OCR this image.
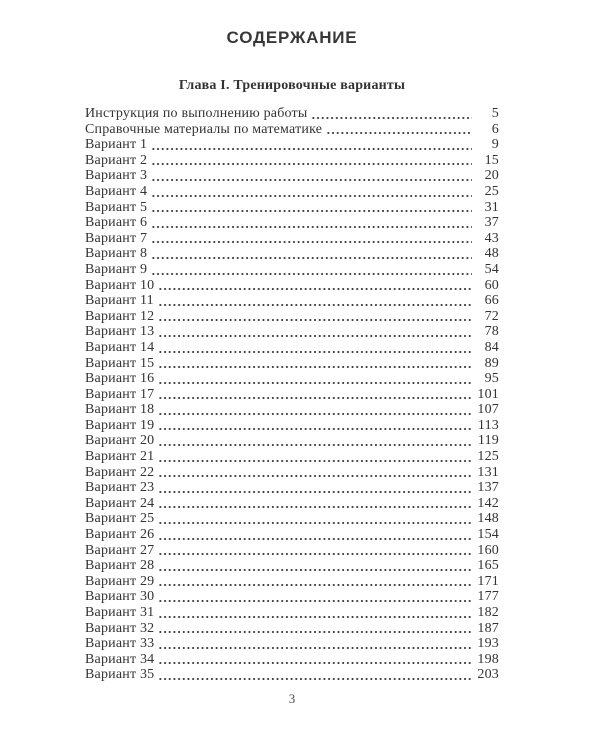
СОДЕРЖАНИЕ
Глава I. Тренировочные варианты
Инструкция по выполнению работы	5
Справочные материалы по математике	6
Вариант 1	9
Вариант 2	15
Вариант 3	20
Вариант 4	25
Вариант 5	31
Вариант 6	37
Вариант 7	43
Вариант 8	48
Вариант 9	54
Вариант 10	60
Вариант 11	66
Вариант 12	72
Вариант 13	78
Вариант 14	84
Вариант 15	89
Вариант 16	95
Вариант 17	101
Вариант 18	107
Вариант 19	113
Вариант 20	119
Вариант 21	125
Вариант 22	131
Вариант 23	137
Вариант 24	142
Вариант 25	148
Вариант 26	154
Вариант 27	160
Вариант 28	165
Вариант 29	171
Вариант 30	177
Вариант 31	182
Вариант 32	187
Вариант 33	193
Вариант 34	198
Вариант 35	203
3
